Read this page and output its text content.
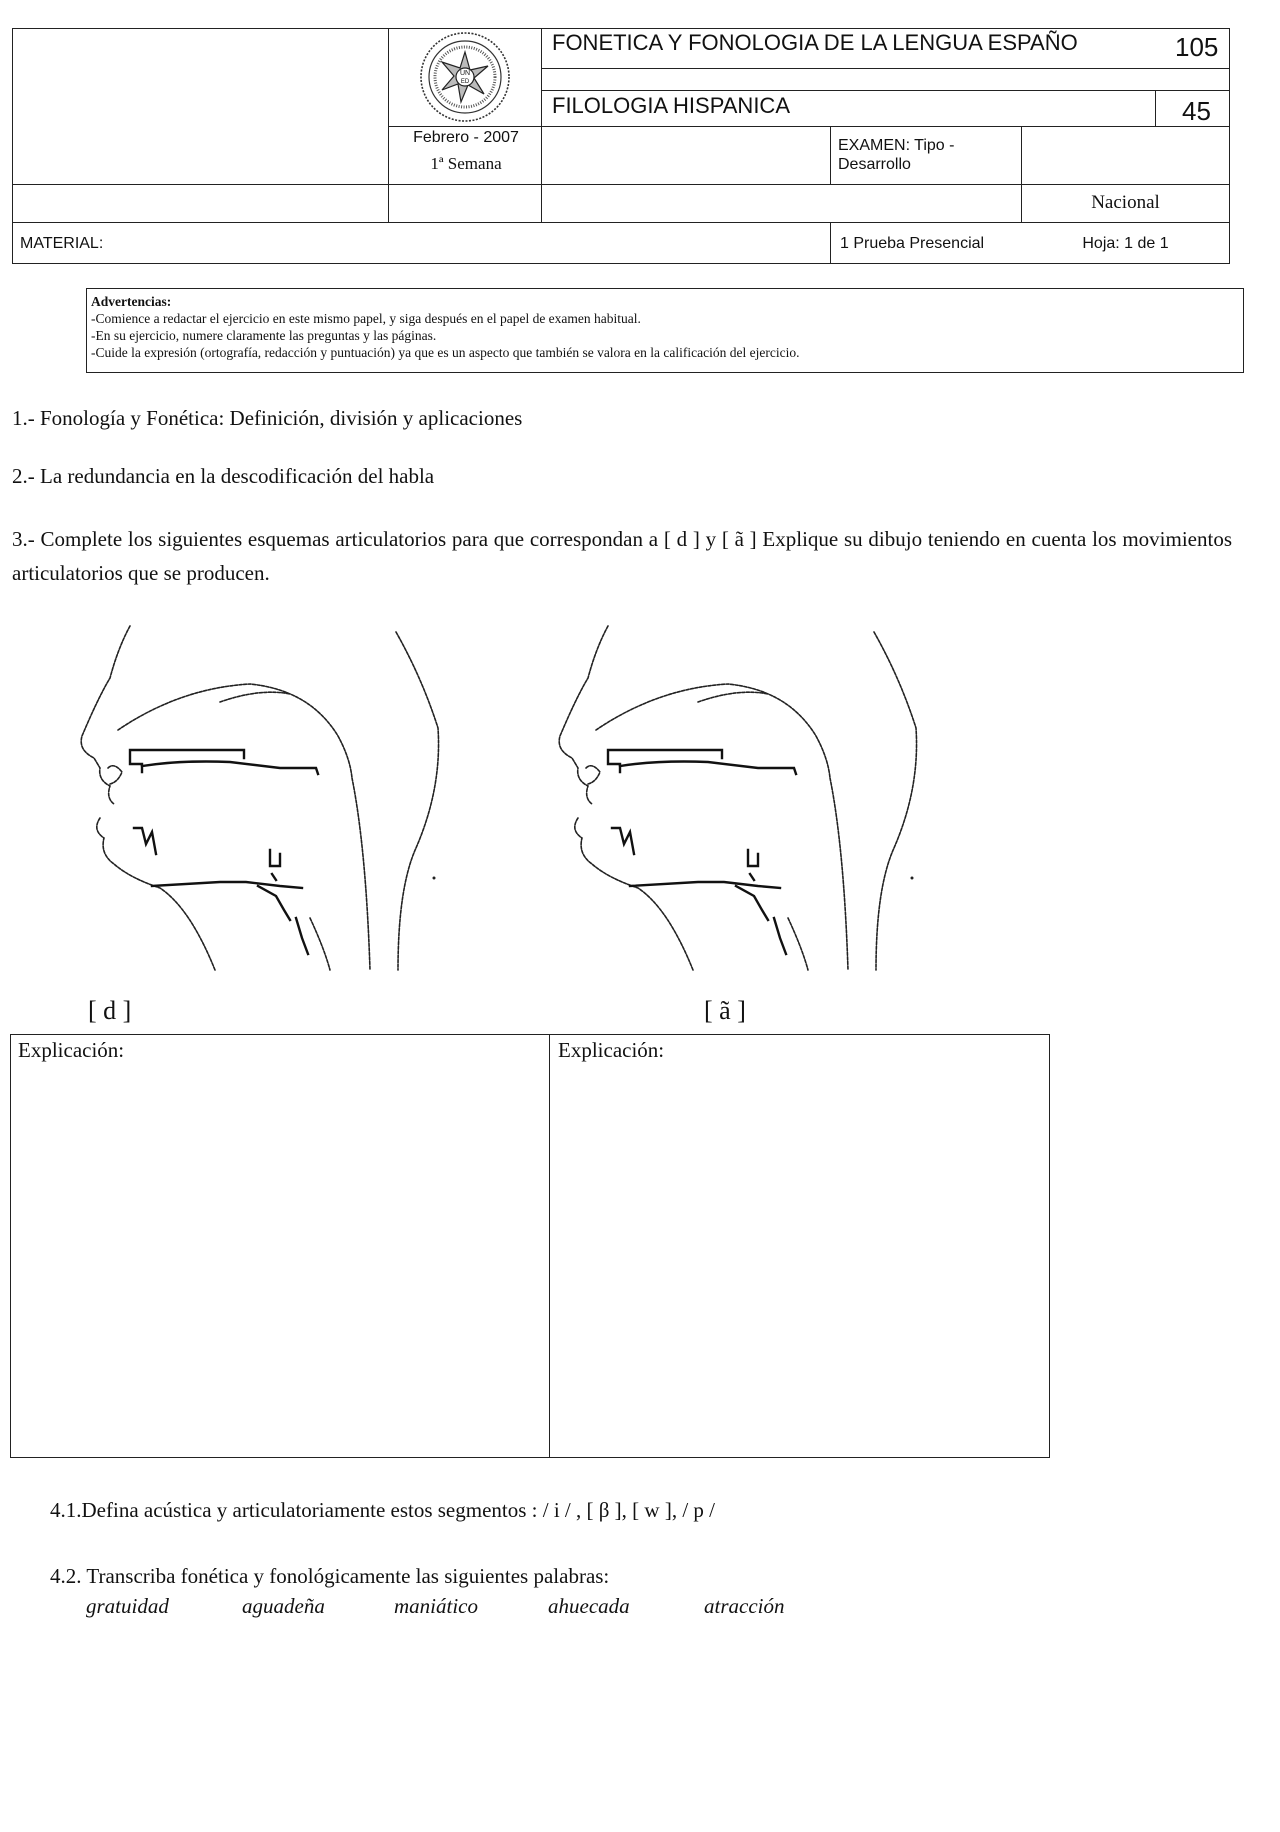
UN
ED
FONETICA Y FONOLOGIA DE LA LENGUA ESPAÑO	105
FILOLOGIA HISPANICA	45
Febrero - 2007
1ª Semana
EXAMEN: Tipo - Desarrollo
Nacional
MATERIAL:	1 Prueba Presencial	Hoja: 1 de 1
Advertencias:
-Comience a redactar el ejercicio en este mismo papel, y siga después en el papel de examen habitual.
-En su ejercicio, numere claramente las preguntas y las páginas.
-Cuide la expresión (ortografía, redacción y puntuación) ya que es un aspecto que también se valora en la calificación del ejercicio.
1.- Fonología y Fonética: Definición, división y aplicaciones
2.- La redundancia en la descodificación del habla
3.- Complete los siguientes esquemas articulatorios para que correspondan a [ d ] y [ ã ] Explique su dibujo teniendo en cuenta los movimientos articulatorios que se producen.
[ d ]	[ ã ]
Explicación:	Explicación:
4.1.Defina acústica y articulatoriamente estos segmentos : / i / , [ β ], [ w ], / p /
4.2. Transcriba fonética y fonológicamente las siguientes palabras:
gratuidad	aguadeña	maniático	ahuecada	atracción
